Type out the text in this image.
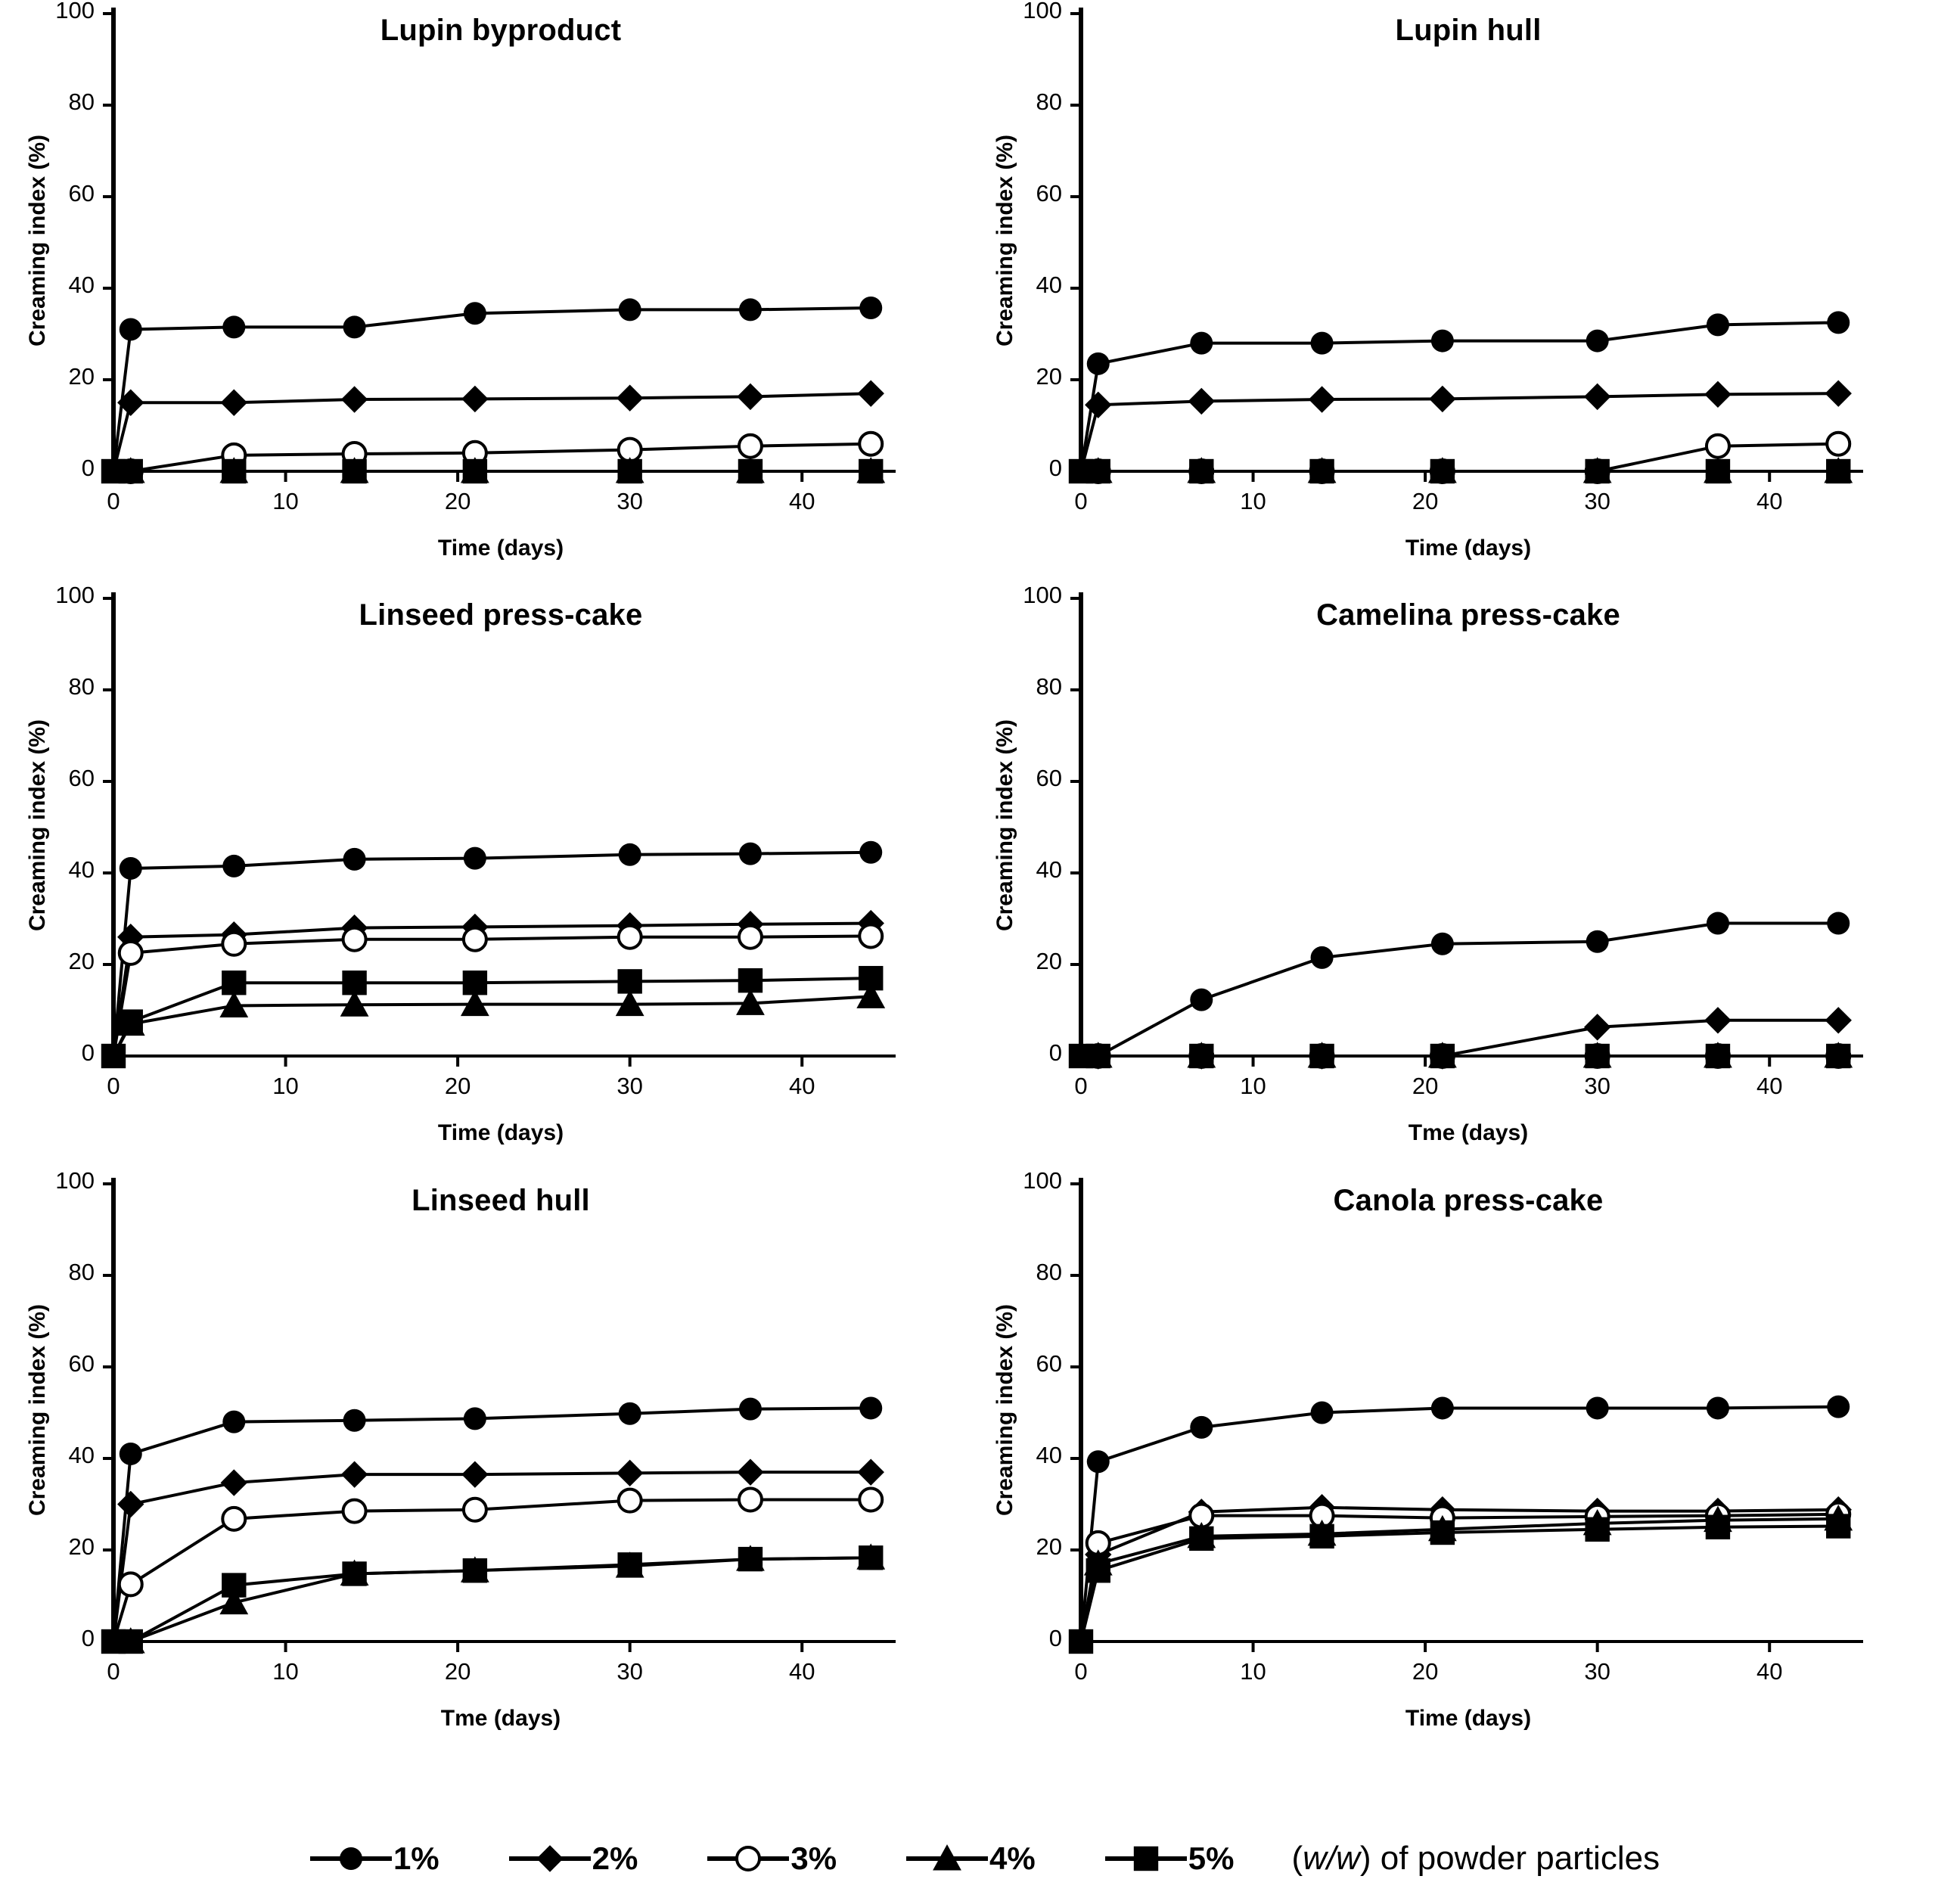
Lupin byproduct
Creaming index (%)
Time (days)
0
20
40
60
80
100
0	10	20	30	40
Lupin hull
Creaming index (%)
Time (days)
0
20
40
60
80
100
0	10	20	30	40
Linseed press-cake
Creaming index (%)
Time (days)
0
20
40
60
80
100
0	10	20	30	40
Camelina press-cake
Creaming index (%)
Tme (days)
0
20
40
60
80
100
0	10	20	30	40
Linseed hull
Creaming index (%)
Tme (days)
0
20
40
60
80
100
0	10	20	30	40
Canola press-cake
Creaming index (%)
Time (days)
0
20
40
60
80
100
0	10	20	30	40
1%	2%	3%	4%	5% (w/w) of powder particles
